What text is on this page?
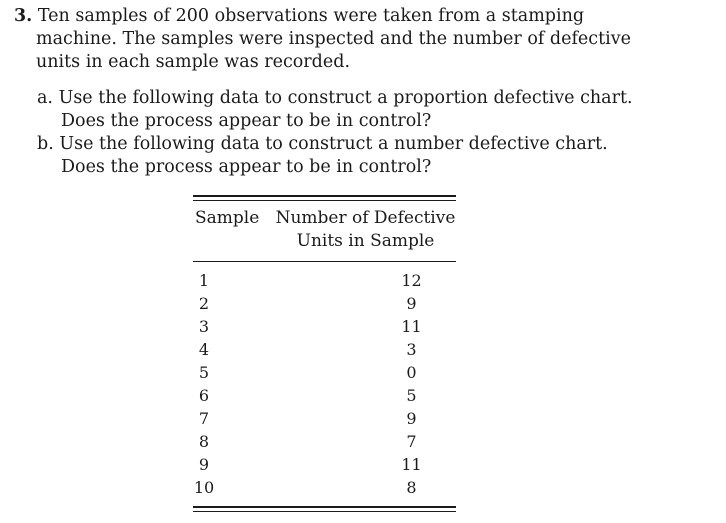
3. Ten samples of 200 observations were taken from a stamping machine. The samples were inspected and the number of defective units in each sample was recorded.

a. Use the following data to construct a proportion defective chart. Does the process appear to be in control?

b. Use the following data to construct a number defective chart. Does the process appear to be in control?

Sample	Number of Defective
Units in Sample

1	12
2	9
3	11
4	3
5	0
6	5
7	9
8	7
9	11
10	8
